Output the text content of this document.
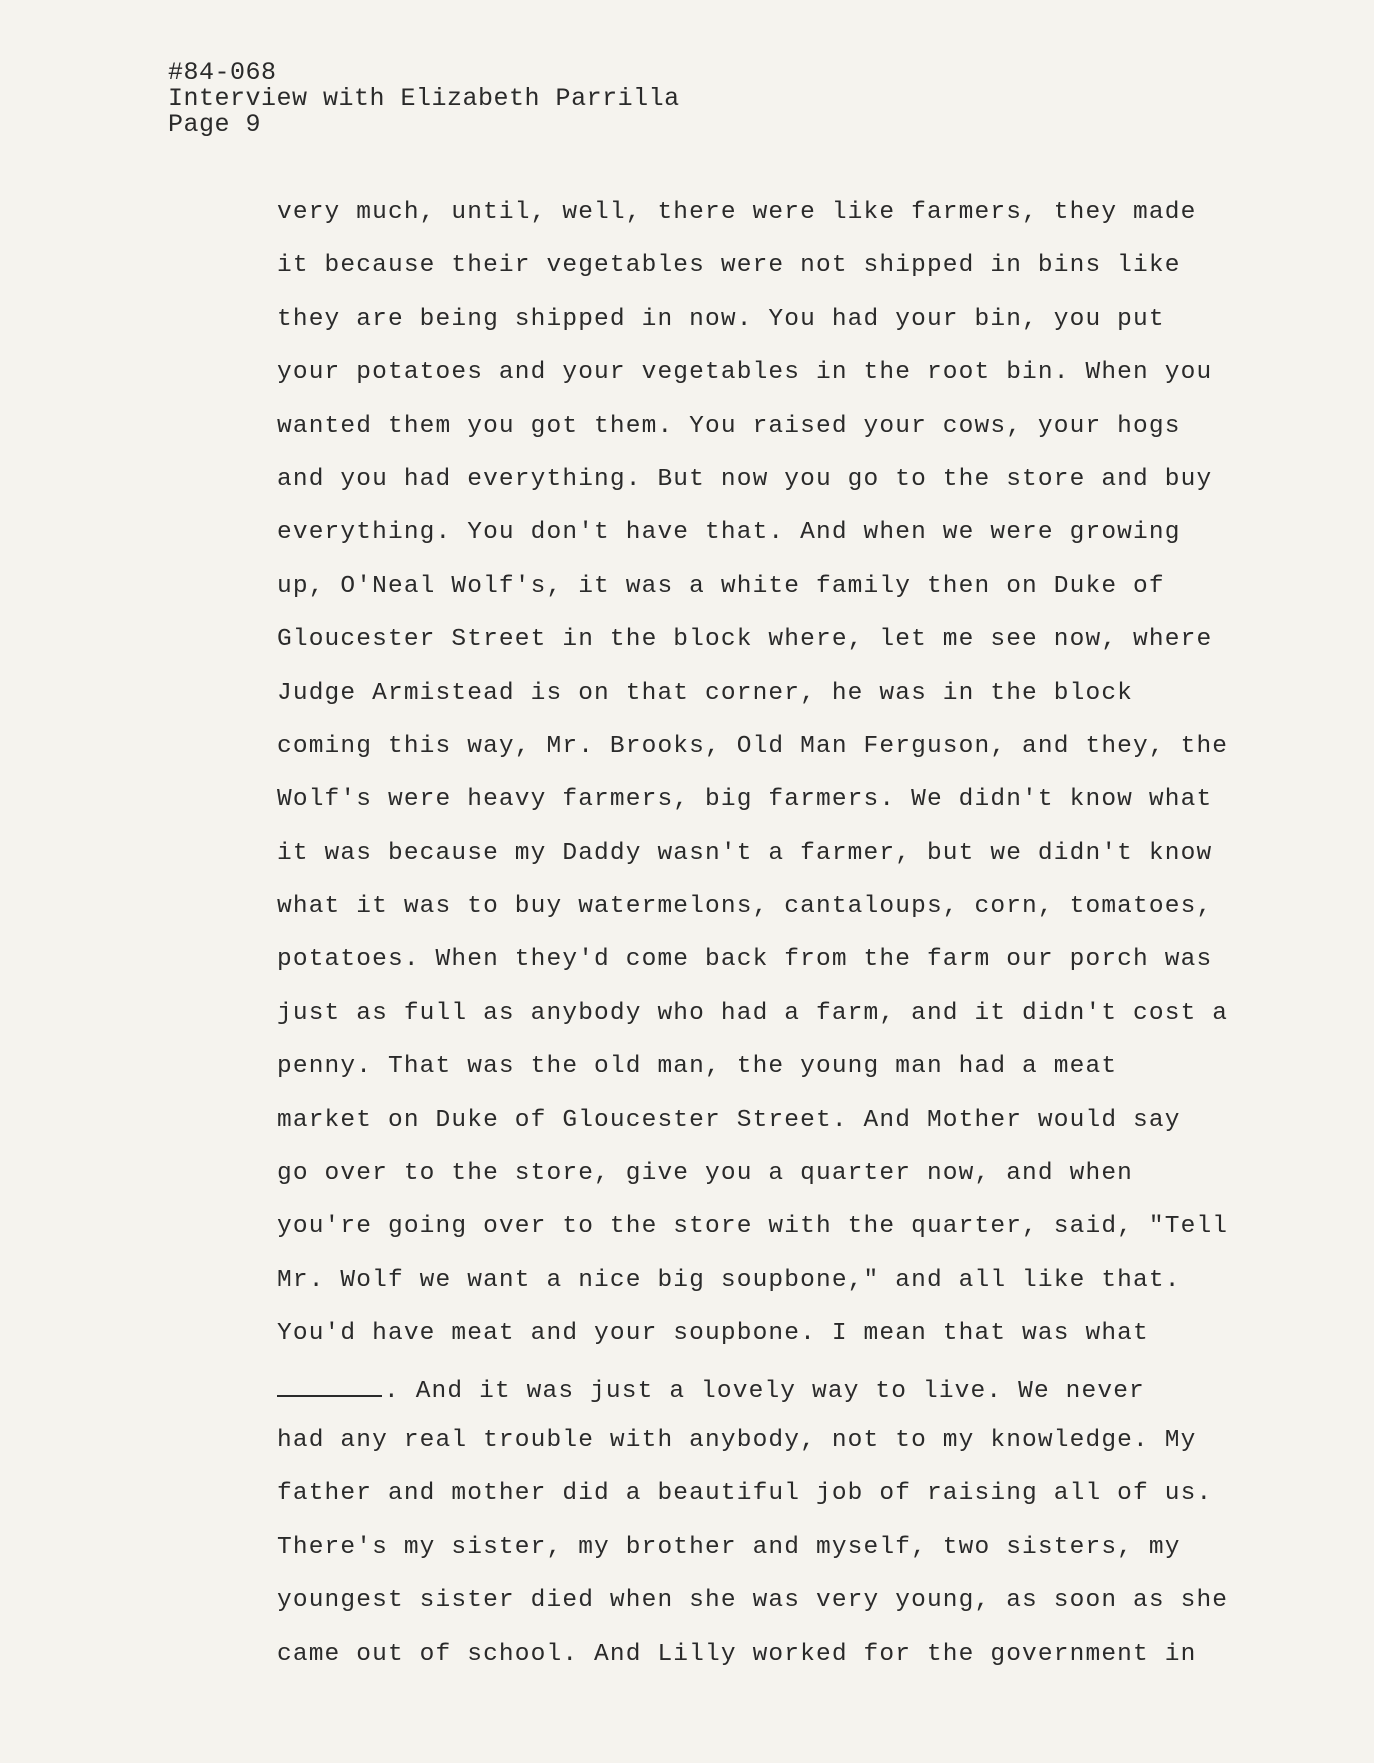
#84-068
Interview with Elizabeth Parrilla
Page 9
very much, until, well, there were like farmers, they made
it because their vegetables were not shipped in bins like
they are being shipped in now. You had your bin, you put
your potatoes and your vegetables in the root bin. When you
wanted them you got them. You raised your cows, your hogs
and you had everything. But now you go to the store and buy
everything. You don't have that. And when we were growing
up, O'Neal Wolf's, it was a white family then on Duke of
Gloucester Street in the block where, let me see now, where
Judge Armistead is on that corner, he was in the block
coming this way, Mr. Brooks, Old Man Ferguson, and they, the
Wolf's were heavy farmers, big farmers. We didn't know what
it was because my Daddy wasn't a farmer, but we didn't know
what it was to buy watermelons, cantaloups, corn, tomatoes,
potatoes. When they'd come back from the farm our porch was
just as full as anybody who had a farm, and it didn't cost a
penny. That was the old man, the young man had a meat
market on Duke of Gloucester Street. And Mother would say
go over to the store, give you a quarter now, and when
you're going over to the store with the quarter, said, "Tell
Mr. Wolf we want a nice big soupbone," and all like that.
You'd have meat and your soupbone. I mean that was what
. And it was just a lovely way to live. We never
had any real trouble with anybody, not to my knowledge. My
father and mother did a beautiful job of raising all of us.
There's my sister, my brother and myself, two sisters, my
youngest sister died when she was very young, as soon as she
came out of school. And Lilly worked for the government in
